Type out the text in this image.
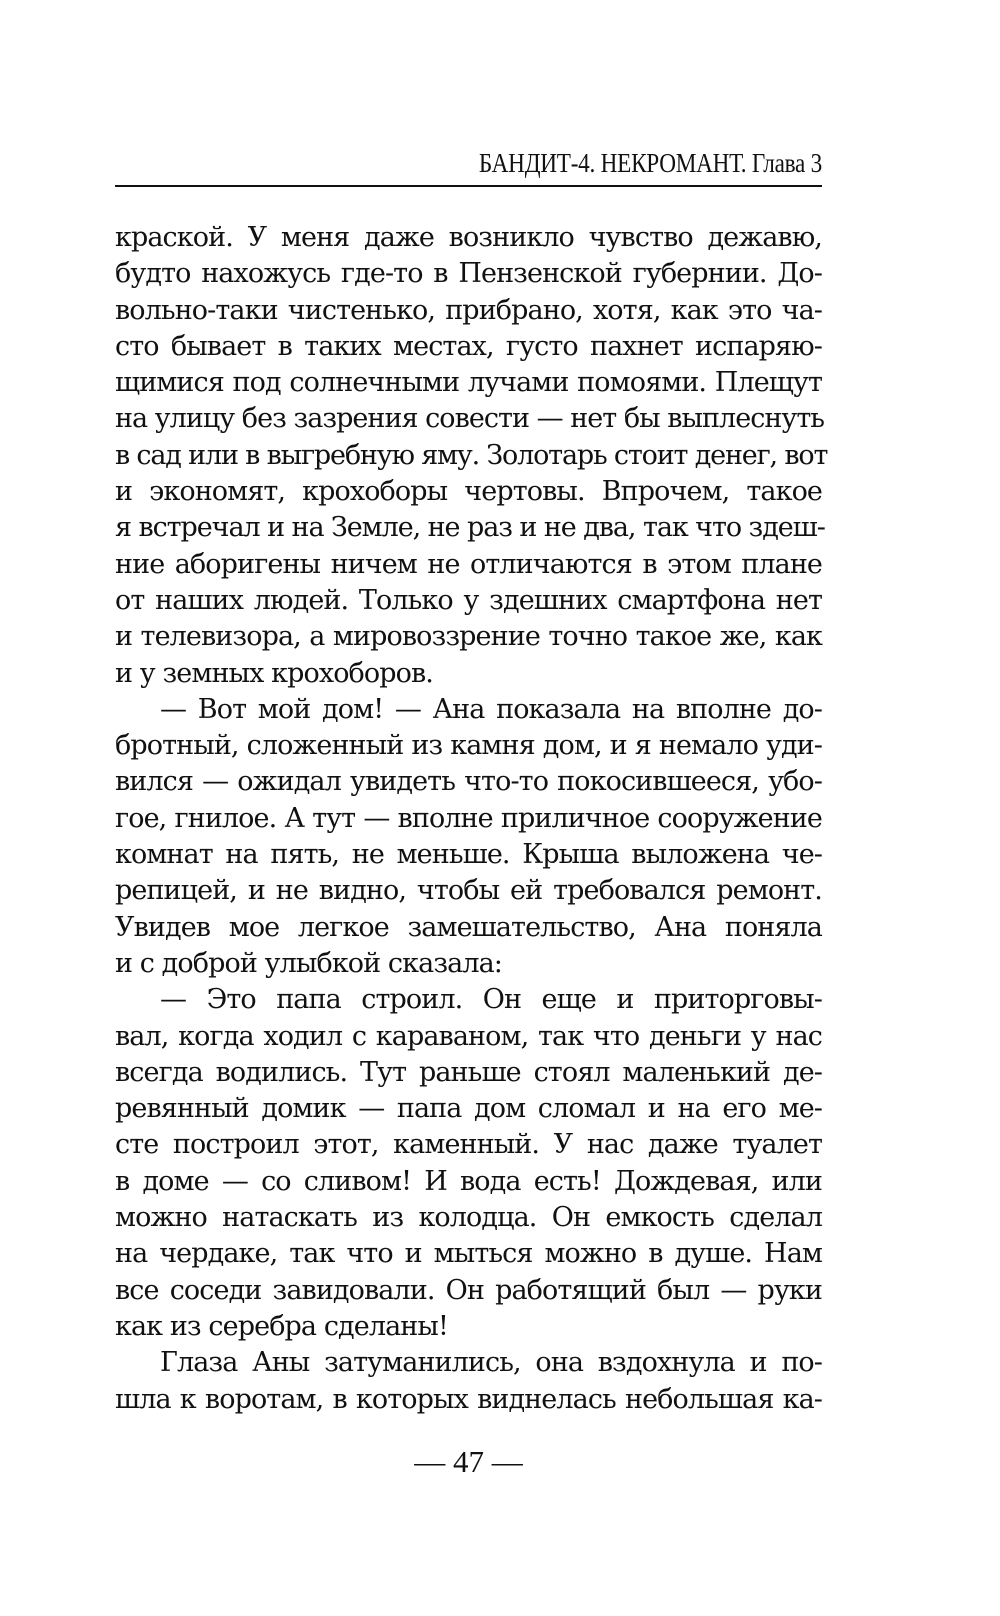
БАНДИТ-4. НЕКРОМАНТ. Глава 3
краской. У меня даже возникло чувство дежавю,
будто нахожусь где-то в Пензенской губернии. До-
вольно-таки чистенько, прибрано, хотя, как это ча-
сто бывает в таких местах, густо пахнет испаряю-
щимися под солнечными лучами помоями. Плещут
на улицу без зазрения совести — нет бы выплеснуть
в сад или в выгребную яму. Золотарь стоит денег, вот
и экономят, крохоборы чертовы. Впрочем, такое
я встречал и на Земле, не раз и не два, так что здеш-
ние аборигены ничем не отличаются в этом плане
от наших людей. Только у здешних смартфона нет
и телевизора, а мировоззрение точно такое же, как
и у земных крохоборов.
— Вот мой дом! — Ана показала на вполне до-
бротный, сложенный из камня дом, и я немало уди-
вился — ожидал увидеть что-то покосившееся, убо-
гое, гнилое. А тут — вполне приличное сооружение
комнат на пять, не меньше. Крыша выложена че-
репицей, и не видно, чтобы ей требовался ремонт.
Увидев мое легкое замешательство, Ана поняла
и с доброй улыбкой сказала:
— Это папа строил. Он еще и приторговы-
вал, когда ходил с караваном, так что деньги у нас
всегда водились. Тут раньше стоял маленький де-
ревянный домик — папа дом сломал и на его ме-
сте построил этот, каменный. У нас даже туалет
в доме — со сливом! И вода есть! Дождевая, или
можно натаскать из колодца. Он емкость сделал
на чердаке, так что и мыться можно в душе. Нам
все соседи завидовали. Он работящий был — руки
как из серебра сделаны!
Глаза Аны затуманились, она вздохнула и по-
шла к воротам, в которых виднелась небольшая ка-
— 47 —
